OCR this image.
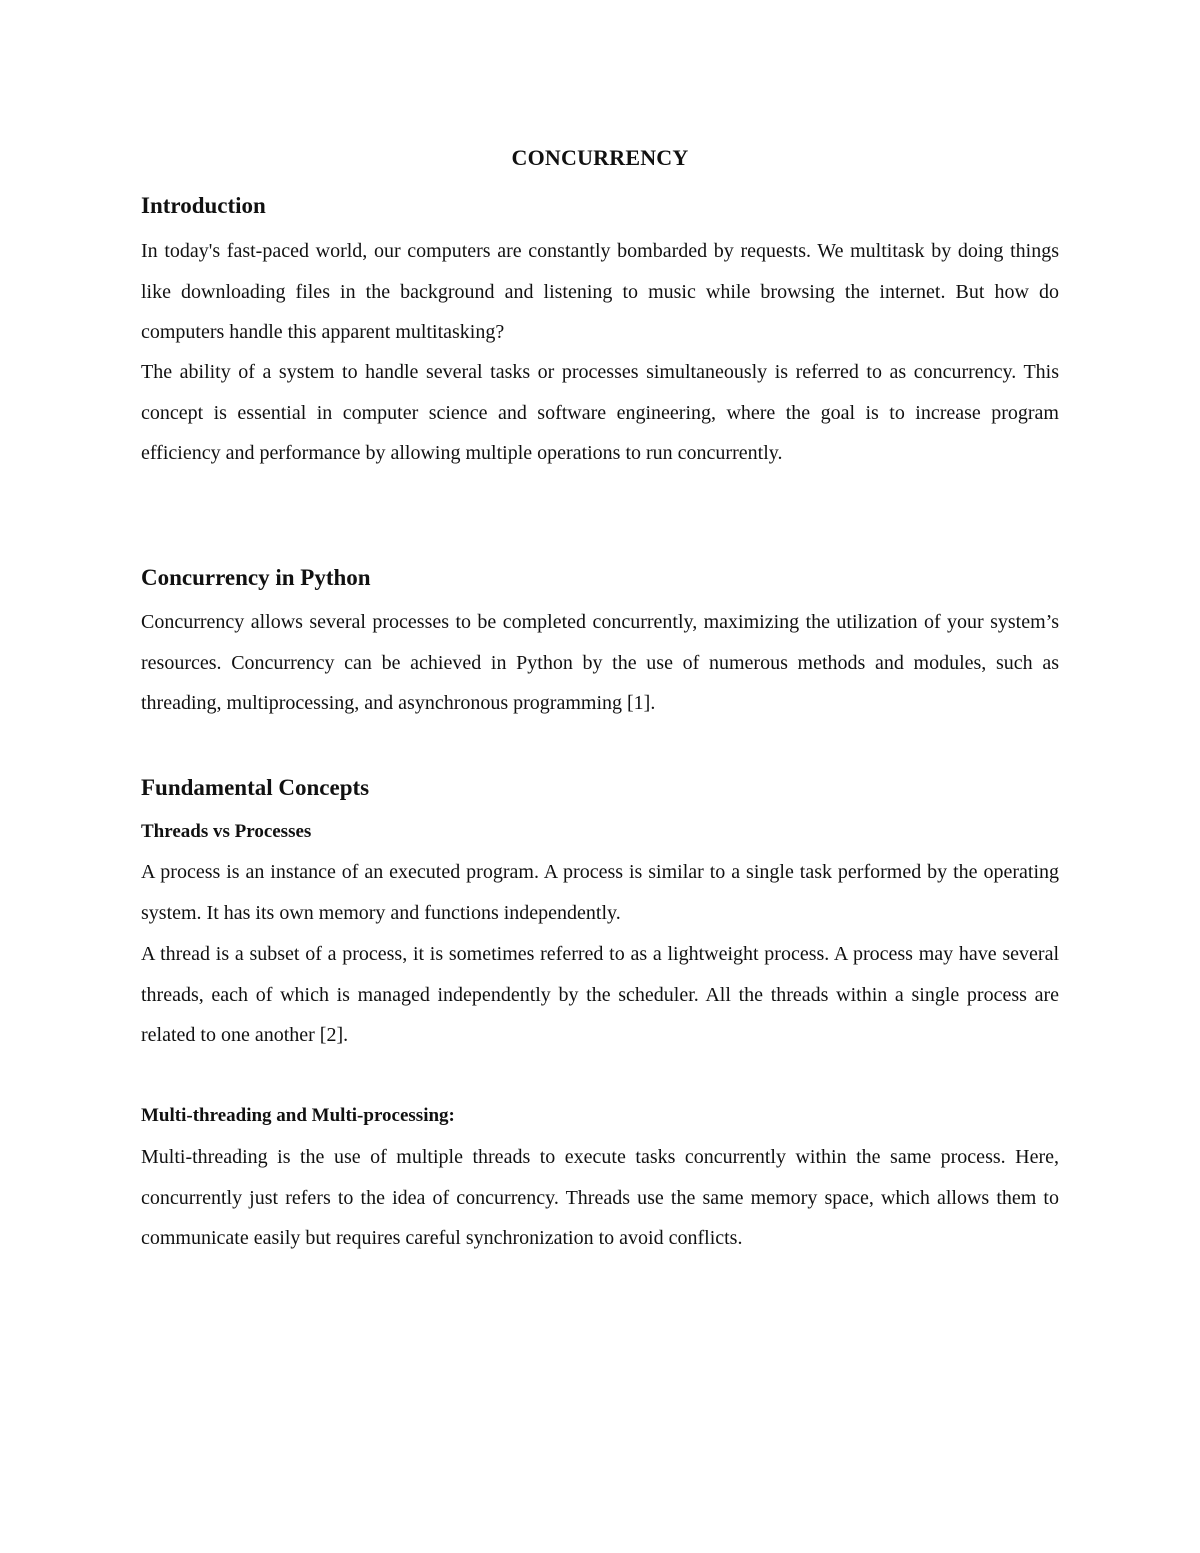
CONCURRENCY
Introduction

In today's fast-paced world, our computers are constantly bombarded by requests. We multitask by doing things like downloading files in the background and listening to music while browsing the internet. But how do computers handle this apparent multitasking?

The ability of a system to handle several tasks or processes simultaneously is referred to as concurrency. This concept is essential in computer science and software engineering, where the goal is to increase program efficiency and performance by allowing multiple operations to run concurrently.

Concurrency in Python

Concurrency allows several processes to be completed concurrently, maximizing the utilization of your system’s resources. Concurrency can be achieved in Python by the use of numerous methods and modules, such as threading, multiprocessing, and asynchronous programming [1].

Fundamental Concepts
Threads vs Processes

A process is an instance of an executed program. A process is similar to a single task performed by the operating system. It has its own memory and functions independently.

A thread is a subset of a process, it is sometimes referred to as a lightweight process. A process may have several threads, each of which is managed independently by the scheduler. All the threads within a single process are related to one another [2].

Multi-threading and Multi-processing:

Multi-threading is the use of multiple threads to execute tasks concurrently within the same process. Here, concurrently just refers to the idea of concurrency. Threads use the same memory space, which allows them to communicate easily but requires careful synchronization to avoid conflicts.
